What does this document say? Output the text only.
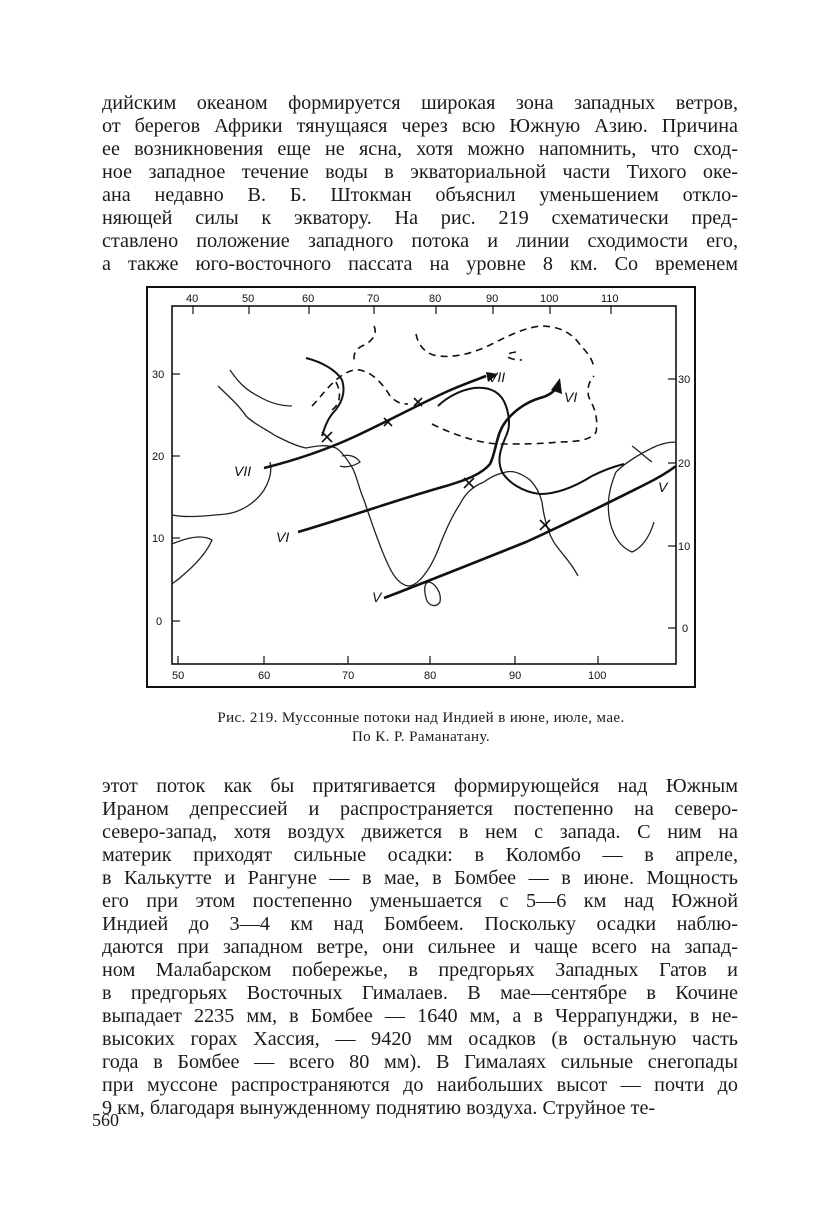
дийским океаном формируется широкая зона западных ветров,
от берегов Африки тянущаяся через всю Южную Азию. Причина
ее возникновения еще не ясна, хотя можно напомнить, что сход-
ное западное течение воды в экваториальной части Тихого оке-
ана недавно В. Б. Штокман объяснил уменьшением откло-
няющей силы к экватору. На рис. 219 схематически пред-
ставлено положение западного потока и линии сходимости его,
а также юго-восточного пассата на уровне 8 км. Со временем
40	50	60	70	80	90	100	110
50	60	70	80	90	100
30
20
10
0
30
20
10
0
VII
VII
VI
VI
V
V
Рис. 219. Муссонные потоки над Индией в июне, июле, мае.
По К. Р. Раманатану.
этот поток как бы притягивается формирующейся над Южным
Ираном депрессией и распространяется постепенно на северо-
северо-запад, хотя воздух движется в нем с запада. С ним на
материк приходят сильные осадки: в Коломбо — в апреле,
в Калькутте и Рангуне — в мае, в Бомбее — в июне. Мощность
его при этом постепенно уменьшается с 5—6 км над Южной
Индией до 3—4 км над Бомбеем. Поскольку осадки наблю-
даются при западном ветре, они сильнее и чаще всего на запад-
ном Малабарском побережье, в предгорьях Западных Гатов и
в предгорьях Восточных Гималаев. В мае—сентябре в Кочине
выпадает 2235 мм, в Бомбее — 1640 мм, а в Черрапунджи, в не-
высоких горах Хассия, — 9420 мм осадков (в остальную часть
года в Бомбее — всего 80 мм). В Гималаях сильные снегопады
при муссоне распространяются до наибольших высот — почти до
9 км, благодаря вынужденному поднятию воздуха. Струйное те-
560
